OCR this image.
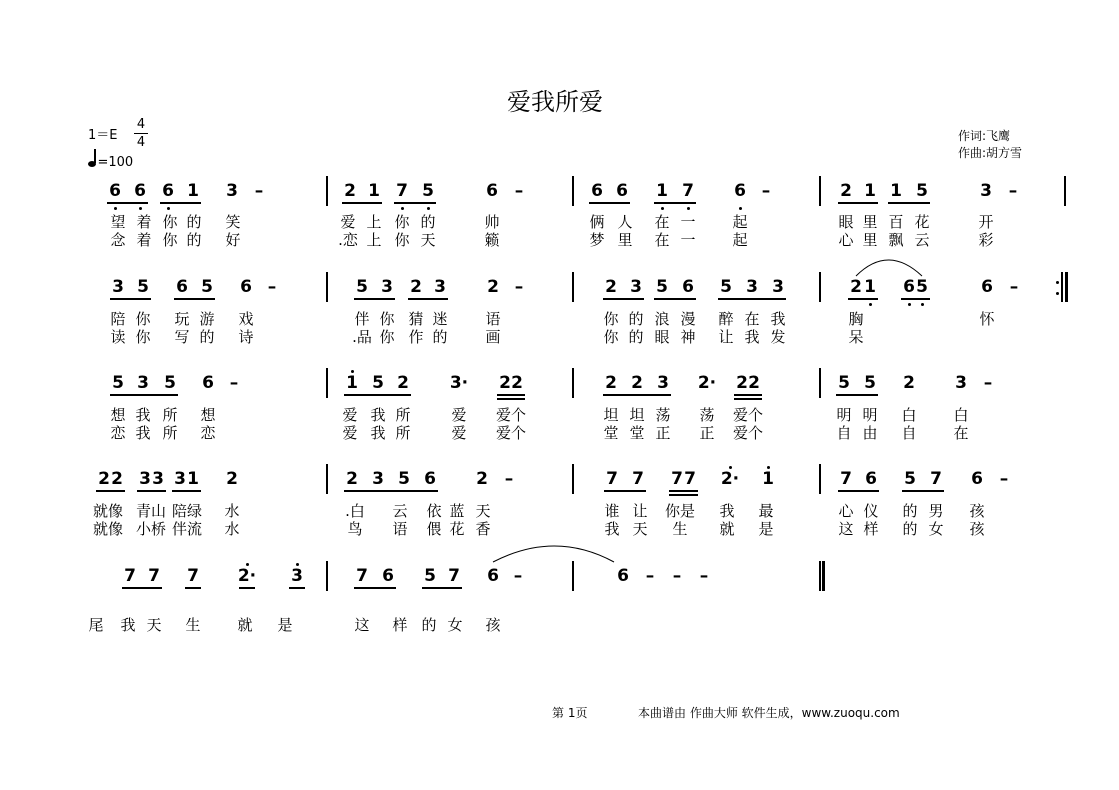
爱我所爱
1＝E
4
4
=100
作词:飞鹰
作曲:胡方雪
6 6 6 1 3 –	2 1 7 5	6 –	6 6 1 7 6 –	2 1 1 5	3 –
望 着 你 的 笑	爱 上 你 的	帅	俩 人 在 一 起	眼 里 百 花	开
念 着 你 的 好	.恋 上 你 天	籁	梦 里 在 一 起	心 里 飘 云	彩
3 5 6 5 6 –	5 3 2 3 2 –	2 3 5 6 5 3 3	2 1 6 5	6 –
陪 你 玩 游 戏	伴 你 猜 迷	语	你 的 浪 漫 醉 在 我	胸	怀
读 你 写 的 诗	.品 你 作 的	画	你 的 眼 神 让 我 发	呆
5 3 5 6 –	1 5 2 3· 2 2	2 2 3 2· 2 2	5 5 2 3 –
想 我 所 想	爱 我 所	爱 爱个	坦 坦 荡 荡 爱个	明 明 白 白
恋 我 所 恋	爱 我 所	爱 爱个	堂 堂 正 正 爱个	自 由 自 在
2 2 3 3 3 1 2	2 3 5 6 2 –	7 7 7 7 2· 1	7 6 5 7 6 –
就像 青山 陪绿 水	.白 云 依 蓝 天	谁 让 你是 我 最	心 仪 的 男 孩
就像 小桥 伴流 水	鸟 语 偎 花 香	我 天 生 就 是	这 样 的 女 孩
7 7 7 2· 3	7 6 5 7 6 –	6 – – –
尾 我 天 生 就 是	这 样 的 女 孩
第 1页	本曲谱由 作曲大师 软件生成，www.zuoqu.com
